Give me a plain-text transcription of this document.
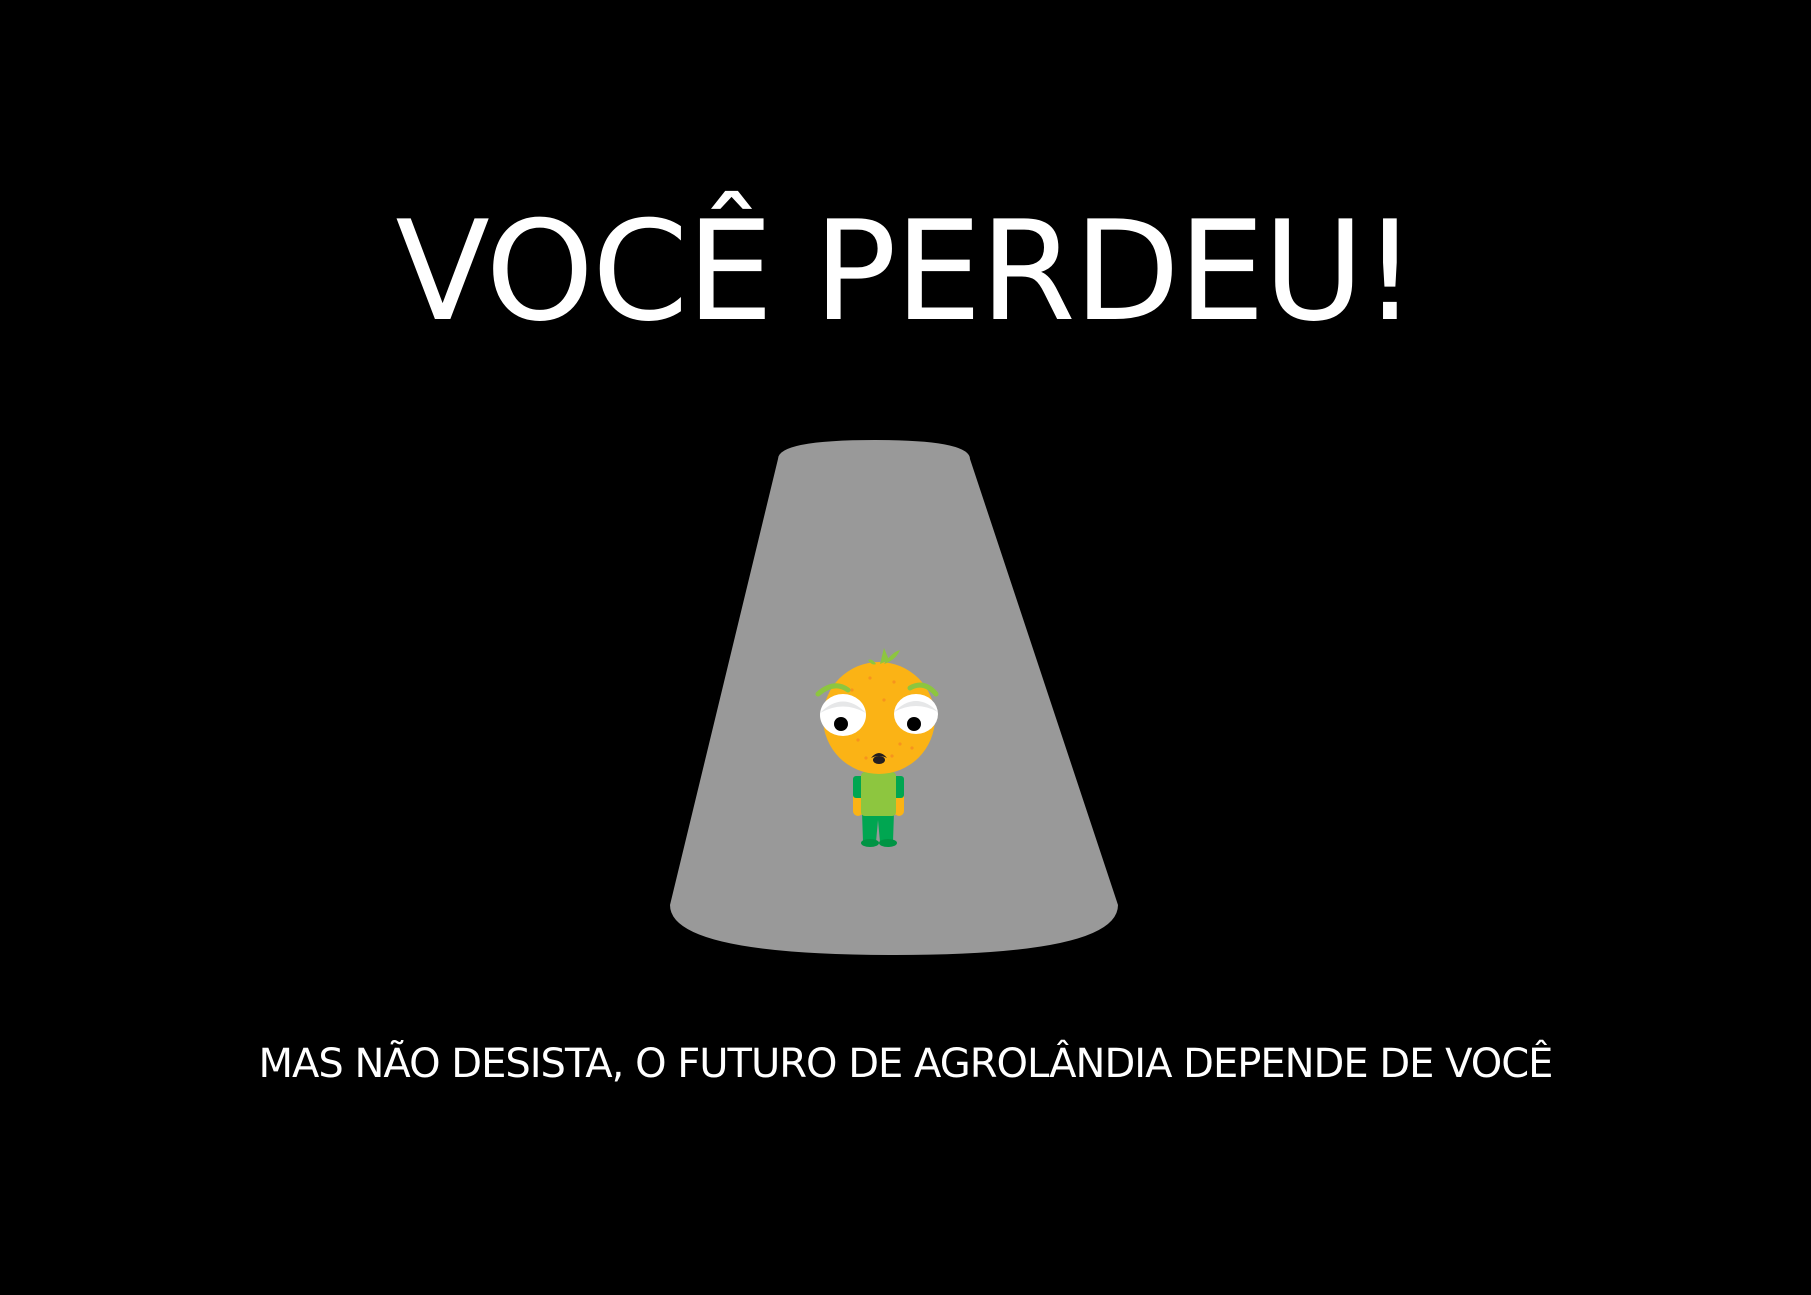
VOCÊ PERDEU!
MAS NÃO DESISTA, O FUTURO DE AGROLÂNDIA DEPENDE DE VOCÊ
